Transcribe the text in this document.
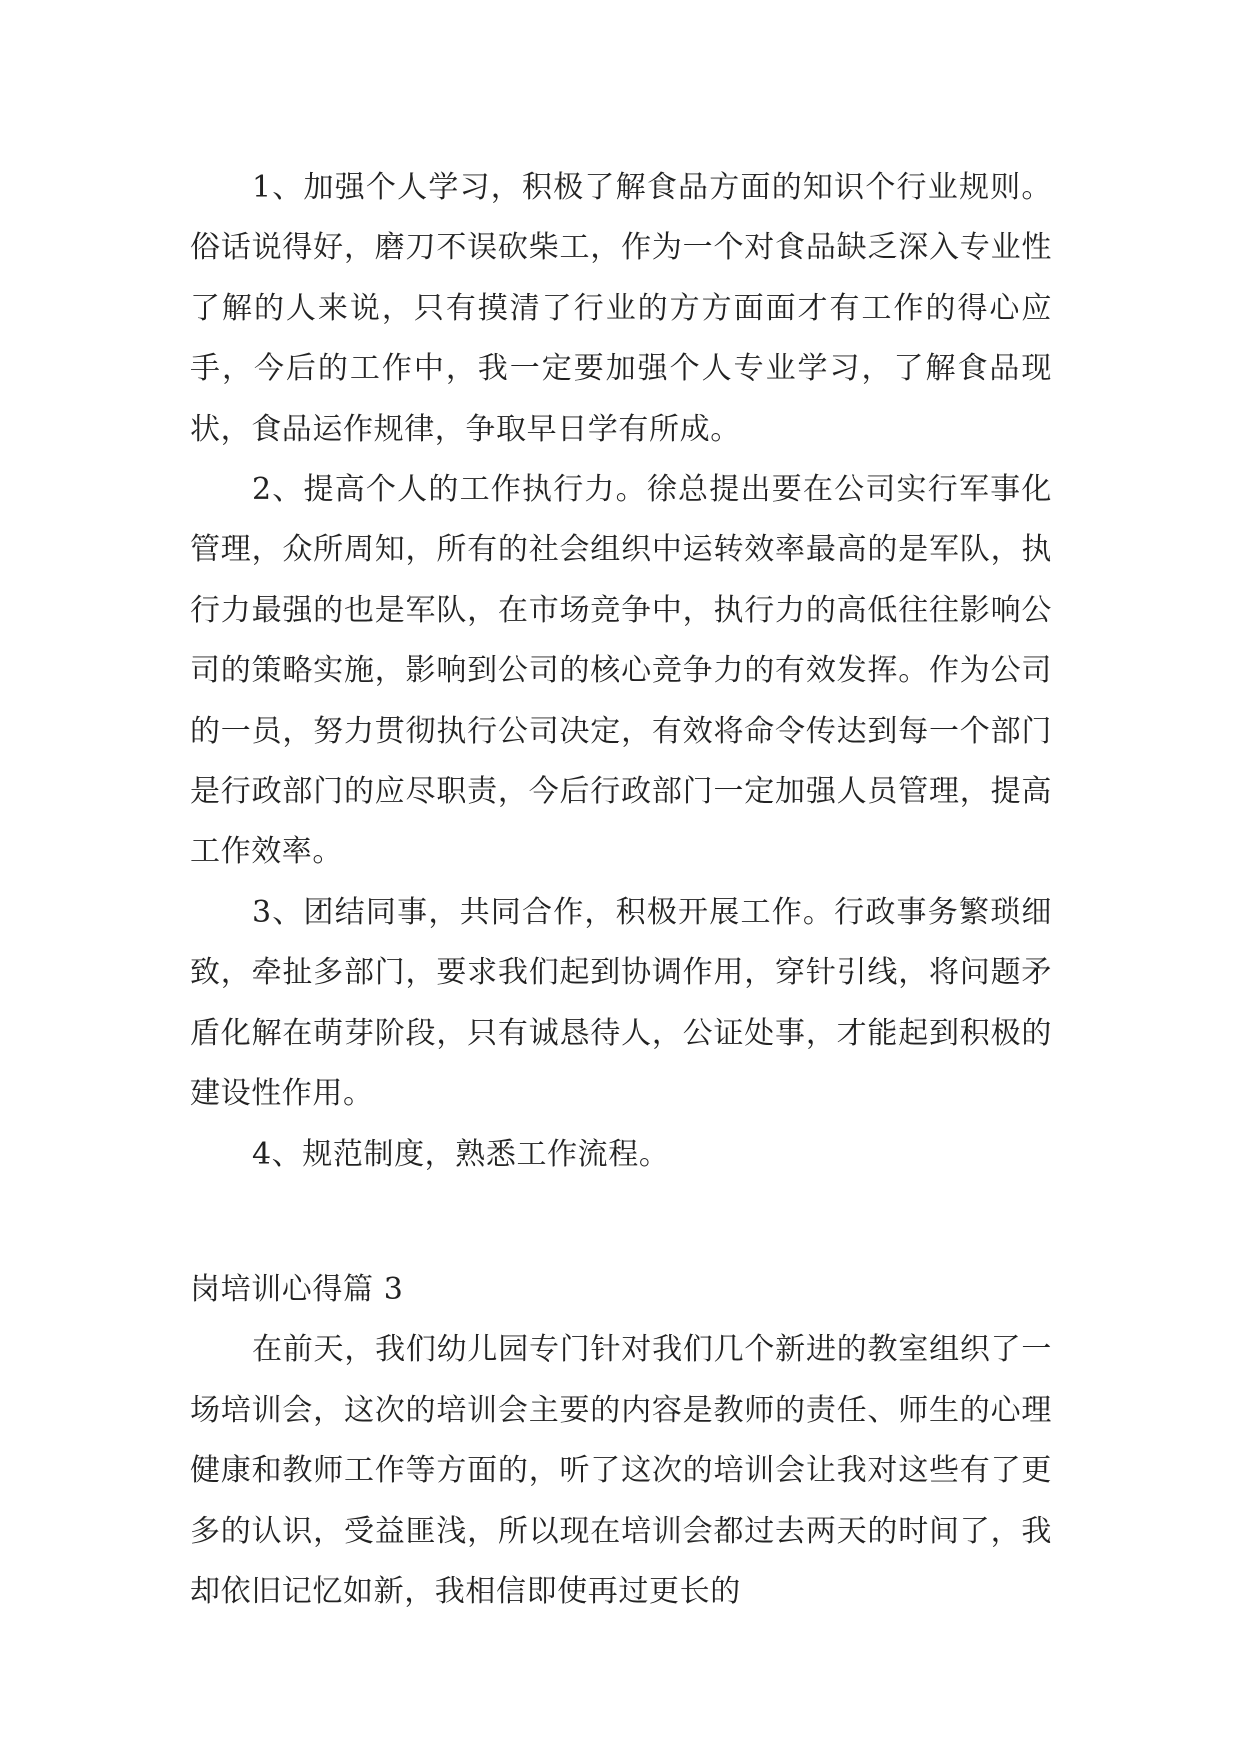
1、加强个人学习，积极了解食品方面的知识个行业规则。俗话说得好，磨刀不误砍柴工，作为一个对食品缺乏深入专业性了解的人来说，只有摸清了行业的方方面面才有工作的得心应手，今后的工作中，我一定要加强个人专业学习，了解食品现状，食品运作规律，争取早日学有所成。

2、提高个人的工作执行力。徐总提出要在公司实行军事化管理，众所周知，所有的社会组织中运转效率最高的是军队，执行力最强的也是军队，在市场竞争中，执行力的高低往往影响公司的策略实施，影响到公司的核心竞争力的有效发挥。作为公司的一员，努力贯彻执行公司决定，有效将命令传达到每一个部门是行政部门的应尽职责，今后行政部门一定加强人员管理，提高工作效率。

3、团结同事，共同合作，积极开展工作。行政事务繁琐细致，牵扯多部门，要求我们起到协调作用，穿针引线，将问题矛盾化解在萌芽阶段，只有诚恳待人，公证处事，才能起到积极的建设性作用。

4、规范制度，熟悉工作流程。

岗培训心得篇 3

在前天，我们幼儿园专门针对我们几个新进的教室组织了一场培训会，这次的培训会主要的内容是教师的责任、师生的心理健康和教师工作等方面的，听了这次的培训会让我对这些有了更多的认识，受益匪浅，所以现在培训会都过去两天的时间了，我却依旧记忆如新，我相信即使再过更长的
